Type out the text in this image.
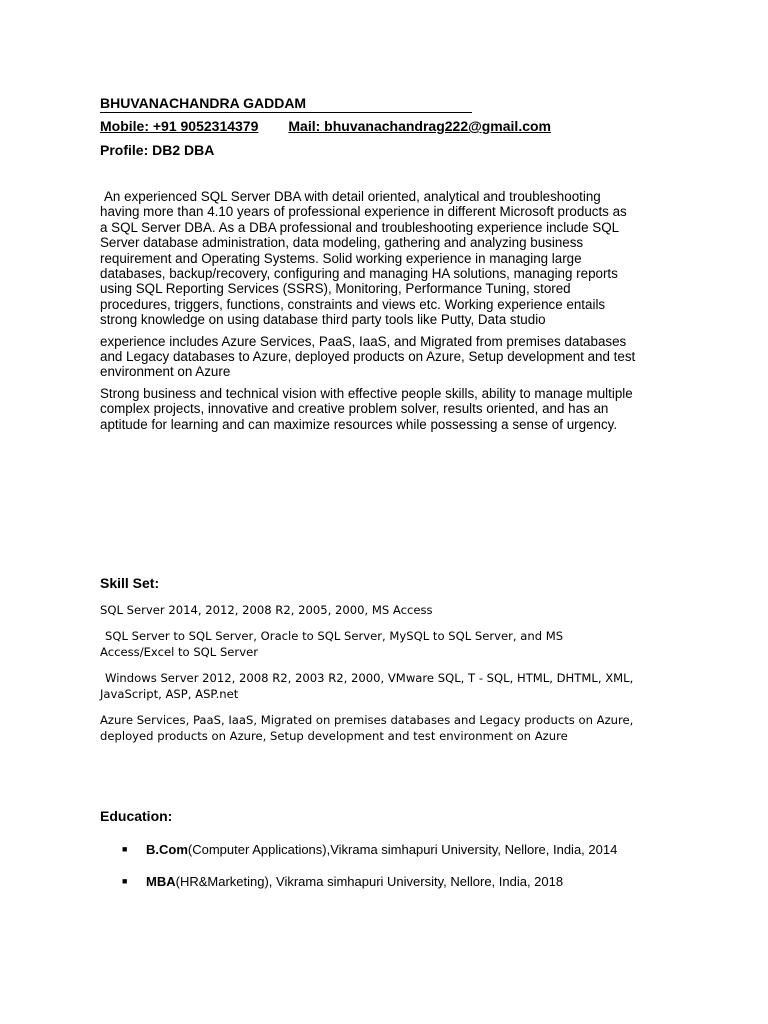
BHUVANACHANDRA GADDAM
Mobile: +91 9052314379 Mail: bhuvanachandrag222@gmail.com
Profile: DB2 DBA

An experienced SQL Server DBA with detail oriented, analytical and troubleshooting having more than 4.10 years of professional experience in different Microsoft products as a SQL Server DBA. As a DBA professional and troubleshooting experience include SQL Server database administration, data modeling, gathering and analyzing business requirement and Operating Systems. Solid working experience in managing large databases, backup/recovery, configuring and managing HA solutions, managing reports using SQL Reporting Services (SSRS), Monitoring, Performance Tuning, stored procedures, triggers, functions, constraints and views etc. Working experience entails strong knowledge on using database third party tools like Putty, Data studio

experience includes Azure Services, PaaS, IaaS, and Migrated from premises databases and Legacy databases to Azure, deployed products on Azure, Setup development and test environment on Azure

Strong business and technical vision with effective people skills, ability to manage multiple complex projects, innovative and creative problem solver, results oriented, and has an aptitude for learning and can maximize resources while possessing a sense of urgency.

Skill Set:

SQL Server 2014, 2012, 2008 R2, 2005, 2000, MS Access

SQL Server to SQL Server, Oracle to SQL Server, MySQL to SQL Server, and MS Access/Excel to SQL Server

Windows Server 2012, 2008 R2, 2003 R2, 2000, VMware SQL, T - SQL, HTML, DHTML, XML, JavaScript, ASP, ASP.net

Azure Services, PaaS, IaaS, Migrated on premises databases and Legacy products on Azure, deployed products on Azure, Setup development and test environment on Azure

Education:
■ B.Com(Computer Applications),Vikrama simhapuri University, Nellore, India, 2014
■ MBA(HR&Marketing), Vikrama simhapuri University, Nellore, India, 2018
